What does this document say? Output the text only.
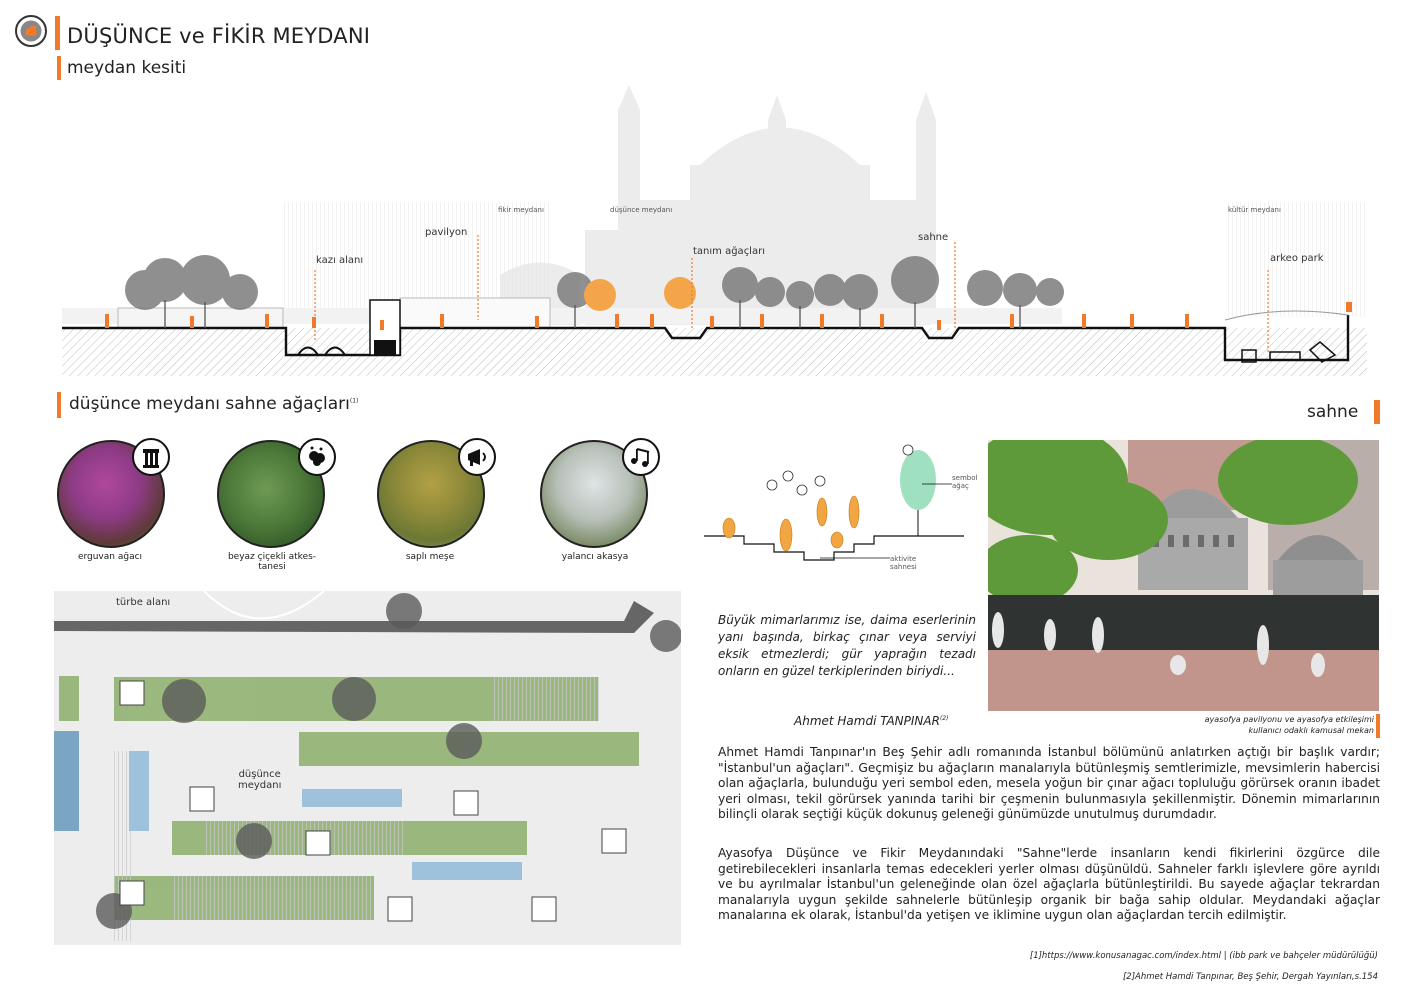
DÜŞÜNCE ve FİKİR MEYDANI
meydan kesiti
fikir meydanı	düşünce meydanı	kültür meydanı
kazı alanı
pavilyon
tanım ağaçları
sahne
arkeo park
düşünce meydanı sahne ağaçları$^{(1)}$
erguvan ağacı	beyaz çiçekli atkes-
tanesi
saplı meşe	yalancı akasya
türbe alanı
düşünce
meydanı
sahne
sembol
ağaç
aktivite
sahnesi
ayasofya pavilyonu ve ayasofya etkileşimi
kullanıcı odaklı kamusal mekan
Büyük mimarlarımız ise, daima eserlerinin yanı başında, birkaç çınar veya serviyi eksik etmezlerdi; gür yaprağın tezadı onların en güzel terkiplerinden biriydi...
Ahmet Hamdi TANPINAR$^{(2)}$
Ahmet Hamdi Tanpınar'ın Beş Şehir adlı romanında İstanbul bölümünü anlatırken açtığı bir başlık vardır; "İstanbul'un ağaçları". Geçmişiz bu ağaçların manalarıyla bütünleşmiş semtlerimizle, mevsimlerin habercisi olan ağaçlarla, bulunduğu yeri sembol eden, mesela yoğun bir çınar ağacı topluluğu görürsek oranın ibadet yeri olması, tekil görürsek yanında tarihi bir çeşmenin bulunmasıyla şekillenmiştir. Dönemin mimarlarının bilinçli olarak seçtiği küçük dokunuş geleneği günümüzde unutulmuş durumdadır.
Ayasofya Düşünce ve Fikir Meydanındaki "Sahne"lerde insanların kendi fikirlerini özgürce dile getirebilecekleri insanlarla temas edecekleri yerler olması düşünüldü. Sahneler farklı işlevlere göre ayrıldı ve bu ayrılmalar İstanbul'un geleneğinde olan özel ağaçlarla bütünleştirildi. Bu sayede ağaçlar tekrardan manalarıyla uygun şekilde sahnelerle bütünleşip organik bir bağa sahip oldular. Meydandaki ağaçlar manalarına ek olarak, İstanbul'da yetişen ve iklimine uygun olan ağaçlardan tercih edilmiştir.
[1]https://www.konusanagac.com/index.html | (ibb park ve bahçeler müdürülüğü)
[2]Ahmet Hamdi Tanpınar, Beş Şehir, Dergah Yayınları,s.154
